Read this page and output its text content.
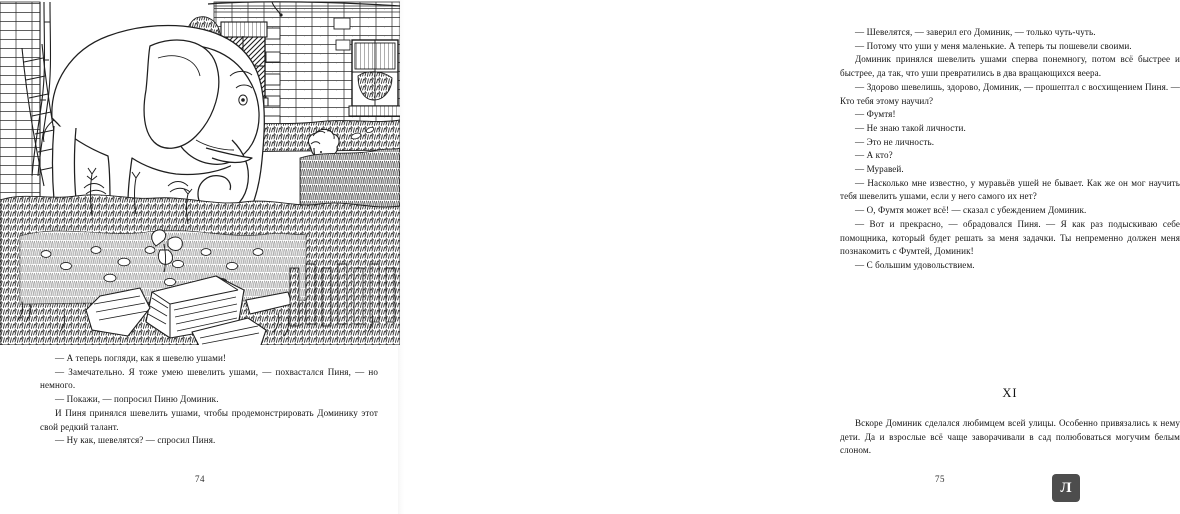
— А теперь погляди, как я шевелю ушами!

— Замечательно. Я тоже умею шевелить ушами, — похвастался Пиня, — но немного.

— Покажи, — попросил Пиню Доминик.

И Пиня принялся шевелить ушами, чтобы продемонстрировать Доминику этот свой редкий талант.

— Ну как, шевелятся? — спросил Пиня.

74

— Шевелятся, — заверил его Доминик, — только чуть-чуть.

— Потому что уши у меня маленькие. А теперь ты пошевели своими.

Доминик принялся шевелить ушами сперва понемногу, потом всё быстрее и быстрее, да так, что уши превратились в два вращающихся веера.

— Здорово шевелишь, здорово, Доминик, — прошептал с восхищением Пиня. — Кто тебя этому научил?

— Фумтя!

— Не знаю такой личности.

— Это не личность.

— А кто?

— Муравей.

— Насколько мне известно, у муравьёв ушей не бывает. Как же он мог научить тебя шевелить ушами, если у него самого их нет?

— О, Фумтя может всё! — сказал с убеждением Доминик.

— Вот и прекрасно, — обрадовался Пиня. — Я как раз подыскиваю себе помощника, который будет решать за меня задачки. Ты непременно должен меня познакомить с Фумтей, Доминик!

— С большим удовольствием.

XI

Вскоре Доминик сделался любимцем всей улицы. Особенно привязались к нему дети. Да и взрослые всё чаще заворачивали в сад полюбоваться могучим белым слоном.

75
Л
